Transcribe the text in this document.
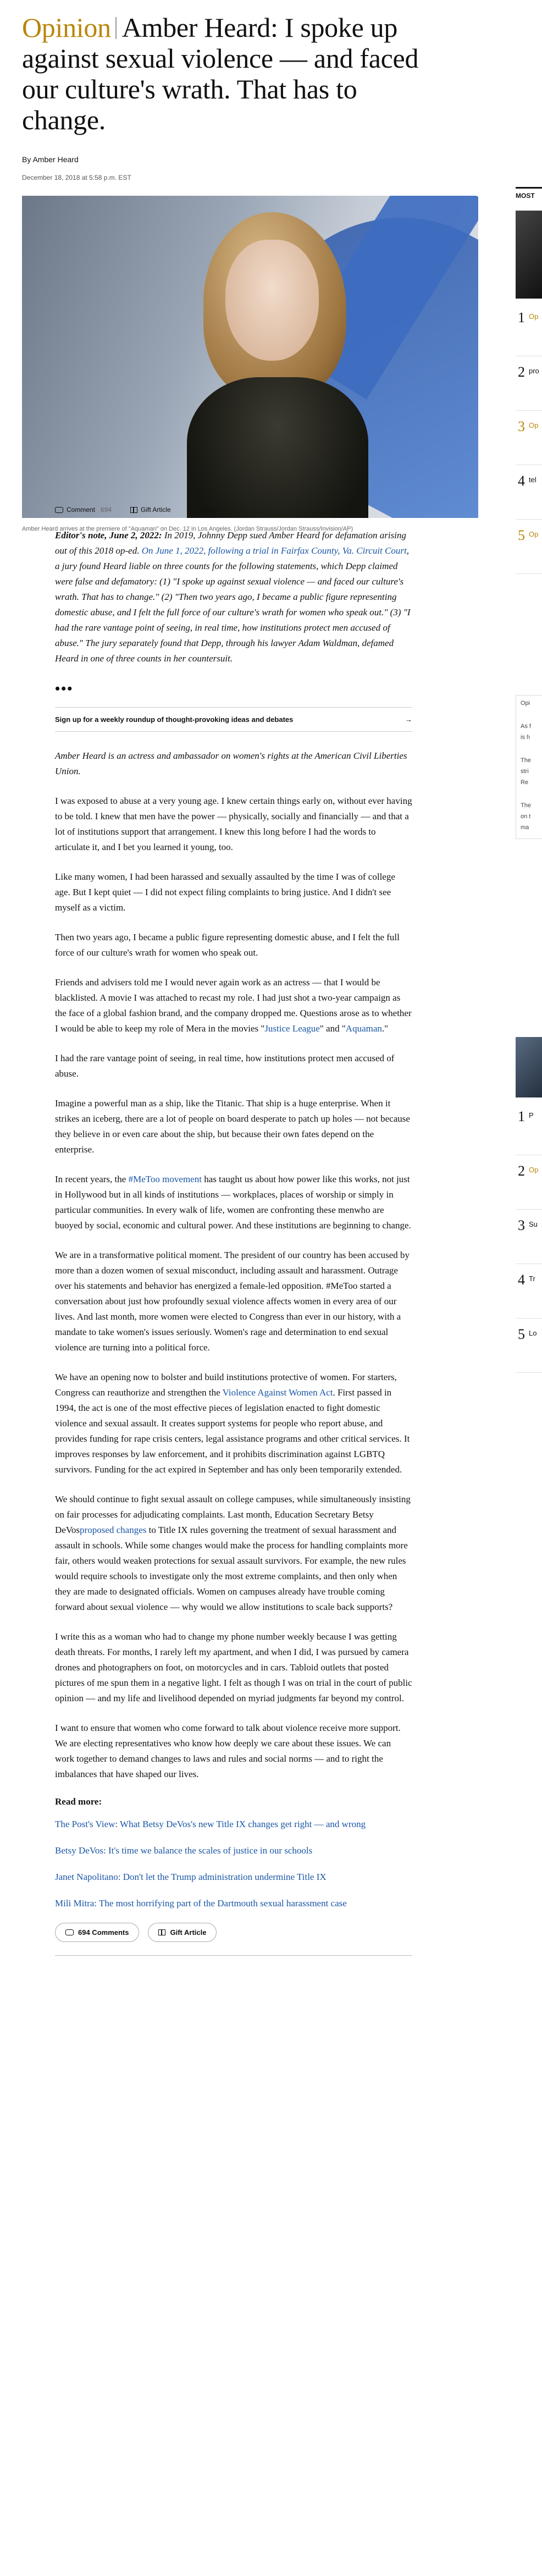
Opinion Amber Heard: I spoke up against sexual violence — and faced our culture's wrath. That has to change.
By Amber Heard
December 18, 2018 at 5:58 p.m. EST
Amber Heard arrives at the premiere of "Aquaman" on Dec. 12 in Los Angeles. (Jordan Strauss/Jordan Strauss/Invision/AP)
Comment 694	Gift Article	Share

Editor's note, June 2, 2022: In 2019, Johnny Depp sued Amber Heard for defamation arising out of this 2018 op-ed. On June 1, 2022, following a trial in Fairfax County, Va. Circuit Court, a jury found Heard liable on three counts for the following statements, which Depp claimed were false and defamatory: (1) "I spoke up against sexual violence — and faced our culture's wrath. That has to change." (2) "Then two years ago, I became a public figure representing domestic abuse, and I felt the full force of our culture's wrath for women who speak out." (3) "I had the rare vantage point of seeing, in real time, how institutions protect men accused of abuse." The jury separately found that Depp, through his lawyer Adam Waldman, defamed Heard in one of three counts in her countersuit.

•••
Sign up for a weekly roundup of thought-provoking ideas and debates	→

Amber Heard is an actress and ambassador on women's rights at the American Civil Liberties Union.

I was exposed to abuse at a very young age. I knew certain things early on, without ever having to be told. I knew that men have the power — physically, socially and financially — and that a lot of institutions support that arrangement. I knew this long before I had the words to articulate it, and I bet you learned it young, too.

Like many women, I had been harassed and sexually assaulted by the time I was of college age. But I kept quiet — I did not expect filing complaints to bring justice. And I didn't see myself as a victim.

Then two years ago, I became a public figure representing domestic abuse, and I felt the full force of our culture's wrath for women who speak out.

Friends and advisers told me I would never again work as an actress — that I would be blacklisted. A movie I was attached to recast my role. I had just shot a two-year campaign as the face of a global fashion brand, and the company dropped me. Questions arose as to whether I would be able to keep my role of Mera in the movies "Justice League" and "Aquaman."

I had the rare vantage point of seeing, in real time, how institutions protect men accused of abuse.

Imagine a powerful man as a ship, like the Titanic. That ship is a huge enterprise. When it strikes an iceberg, there are a lot of people on board desperate to patch up holes — not because they believe in or even care about the ship, but because their own fates depend on the enterprise.

In recent years, the #MeToo movement has taught us about how power like this works, not just in Hollywood but in all kinds of institutions — workplaces, places of worship or simply in particular communities. In every walk of life, women are confronting these menwho are buoyed by social, economic and cultural power. And these institutions are beginning to change.

We are in a transformative political moment. The president of our country has been accused by more than a dozen women of sexual misconduct, including assault and harassment. Outrage over his statements and behavior has energized a female-led opposition. #MeToo started a conversation about just how profoundly sexual violence affects women in every area of our lives. And last month, more women were elected to Congress than ever in our history, with a mandate to take women's issues seriously. Women's rage and determination to end sexual violence are turning into a political force.

We have an opening now to bolster and build institutions protective of women. For starters, Congress can reauthorize and strengthen the Violence Against Women Act. First passed in 1994, the act is one of the most effective pieces of legislation enacted to fight domestic violence and sexual assault. It creates support systems for people who report abuse, and provides funding for rape crisis centers, legal assistance programs and other critical services. It improves responses by law enforcement, and it prohibits discrimination against LGBTQ survivors. Funding for the act expired in September and has only been temporarily extended.

We should continue to fight sexual assault on college campuses, while simultaneously insisting on fair processes for adjudicating complaints. Last month, Education Secretary Betsy DeVosproposed changes to Title IX rules governing the treatment of sexual harassment and assault in schools. While some changes would make the process for handling complaints more fair, others would weaken protections for sexual assault survivors. For example, the new rules would require schools to investigate only the most extreme complaints, and then only when they are made to designated officials. Women on campuses already have trouble coming forward about sexual violence — why would we allow institutions to scale back supports?

I write this as a woman who had to change my phone number weekly because I was getting death threats. For months, I rarely left my apartment, and when I did, I was pursued by camera drones and photographers on foot, on motorcycles and in cars. Tabloid outlets that posted pictures of me spun them in a negative light. I felt as though I was on trial in the court of public opinion — and my life and livelihood depended on myriad judgments far beyond my control.

I want to ensure that women who come forward to talk about violence receive more support. We are electing representatives who know how deeply we care about these issues. We can work together to demand changes to laws and rules and social norms — and to right the imbalances that have shaped our lives.

Read more:
The Post's View: What Betsy DeVos's new Title IX changes get right — and wrong
Betsy DeVos: It's time we balance the scales of justice in our schools
Janet Napolitano: Don't let the Trump administration undermine Title IX
Mili Mitra: The most horrifying part of the Dartmouth sexual harassment case
694 Comments	Gift Article
MOST
1 Op
2 pro
3 Op
4 tel
5 Op
Opi
As f
is h
The
stri
Re
The
on t
ma
1 P
2 Op
3 Su
4 Tr
5 Lo
